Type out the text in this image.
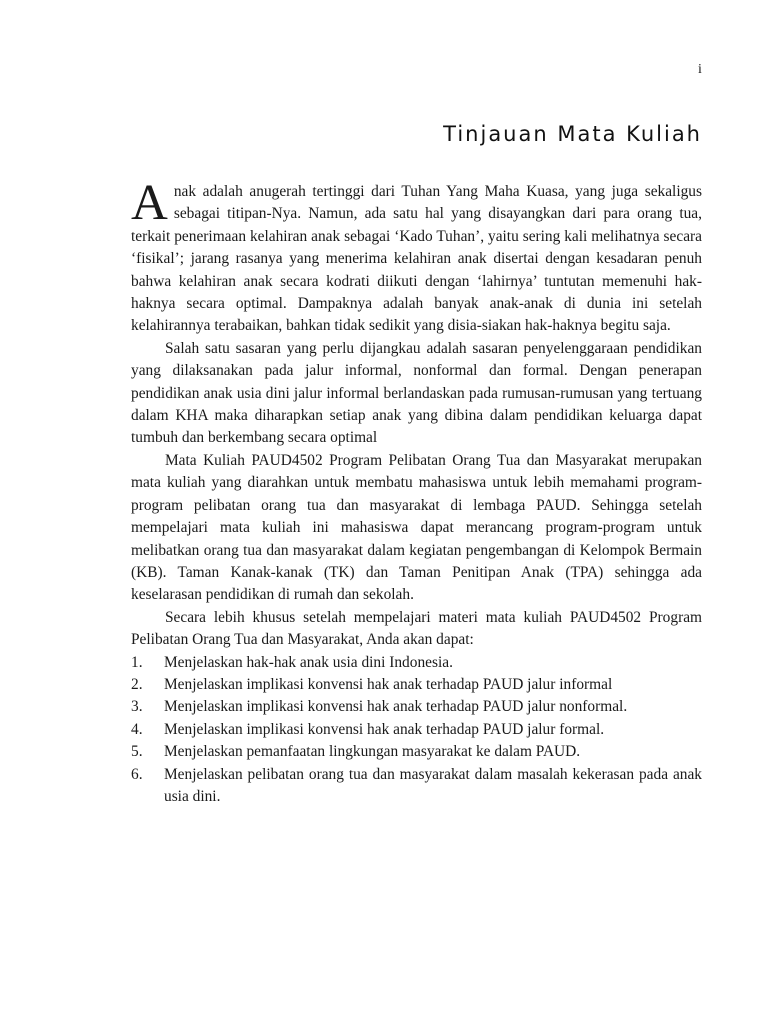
i
Tinjauan Mata Kuliah

Anak adalah anugerah tertinggi dari Tuhan Yang Maha Kuasa, yang juga sekaligus sebagai titipan-Nya. Namun, ada satu hal yang disayangkan dari para orang tua, terkait penerimaan kelahiran anak sebagai ‘Kado Tuhan’, yaitu sering kali melihatnya secara ‘fisikal’; jarang rasanya yang menerima kelahiran anak disertai dengan kesadaran penuh bahwa kelahiran anak secara kodrati diikuti dengan ‘lahirnya’ tuntutan memenuhi hak-haknya secara optimal. Dampaknya adalah banyak anak-anak di dunia ini setelah kelahirannya terabaikan, bahkan tidak sedikit yang disia-siakan hak-haknya begitu saja.

Salah satu sasaran yang perlu dijangkau adalah sasaran penyelenggaraan pendidikan yang dilaksanakan pada jalur informal, nonformal dan formal. Dengan penerapan pendidikan anak usia dini jalur informal berlandaskan pada rumusan-rumusan yang tertuang dalam KHA maka diharapkan setiap anak yang dibina dalam pendidikan keluarga dapat tumbuh dan berkembang secara optimal

Mata Kuliah PAUD4502 Program Pelibatan Orang Tua dan Masyarakat merupakan mata kuliah yang diarahkan untuk membatu mahasiswa untuk lebih memahami program-program pelibatan orang tua dan masyarakat di lembaga PAUD. Sehingga setelah mempelajari mata kuliah ini mahasiswa dapat merancang program-program untuk melibatkan orang tua dan masyarakat dalam kegiatan pengembangan di Kelompok Bermain (KB). Taman Kanak-kanak (TK) dan Taman Penitipan Anak (TPA) sehingga ada keselarasan pendidikan di rumah dan sekolah.

Secara lebih khusus setelah mempelajari materi mata kuliah PAUD4502 Program Pelibatan Orang Tua dan Masyarakat, Anda akan dapat:

1. Menjelaskan hak-hak anak usia dini Indonesia.
2. Menjelaskan implikasi konvensi hak anak terhadap PAUD jalur informal
3. Menjelaskan implikasi konvensi hak anak terhadap PAUD jalur nonformal.
4. Menjelaskan implikasi konvensi hak anak terhadap PAUD jalur formal.
5. Menjelaskan pemanfaatan lingkungan masyarakat ke dalam PAUD.
6. Menjelaskan pelibatan orang tua dan masyarakat dalam masalah kekerasan pada anak usia dini.
